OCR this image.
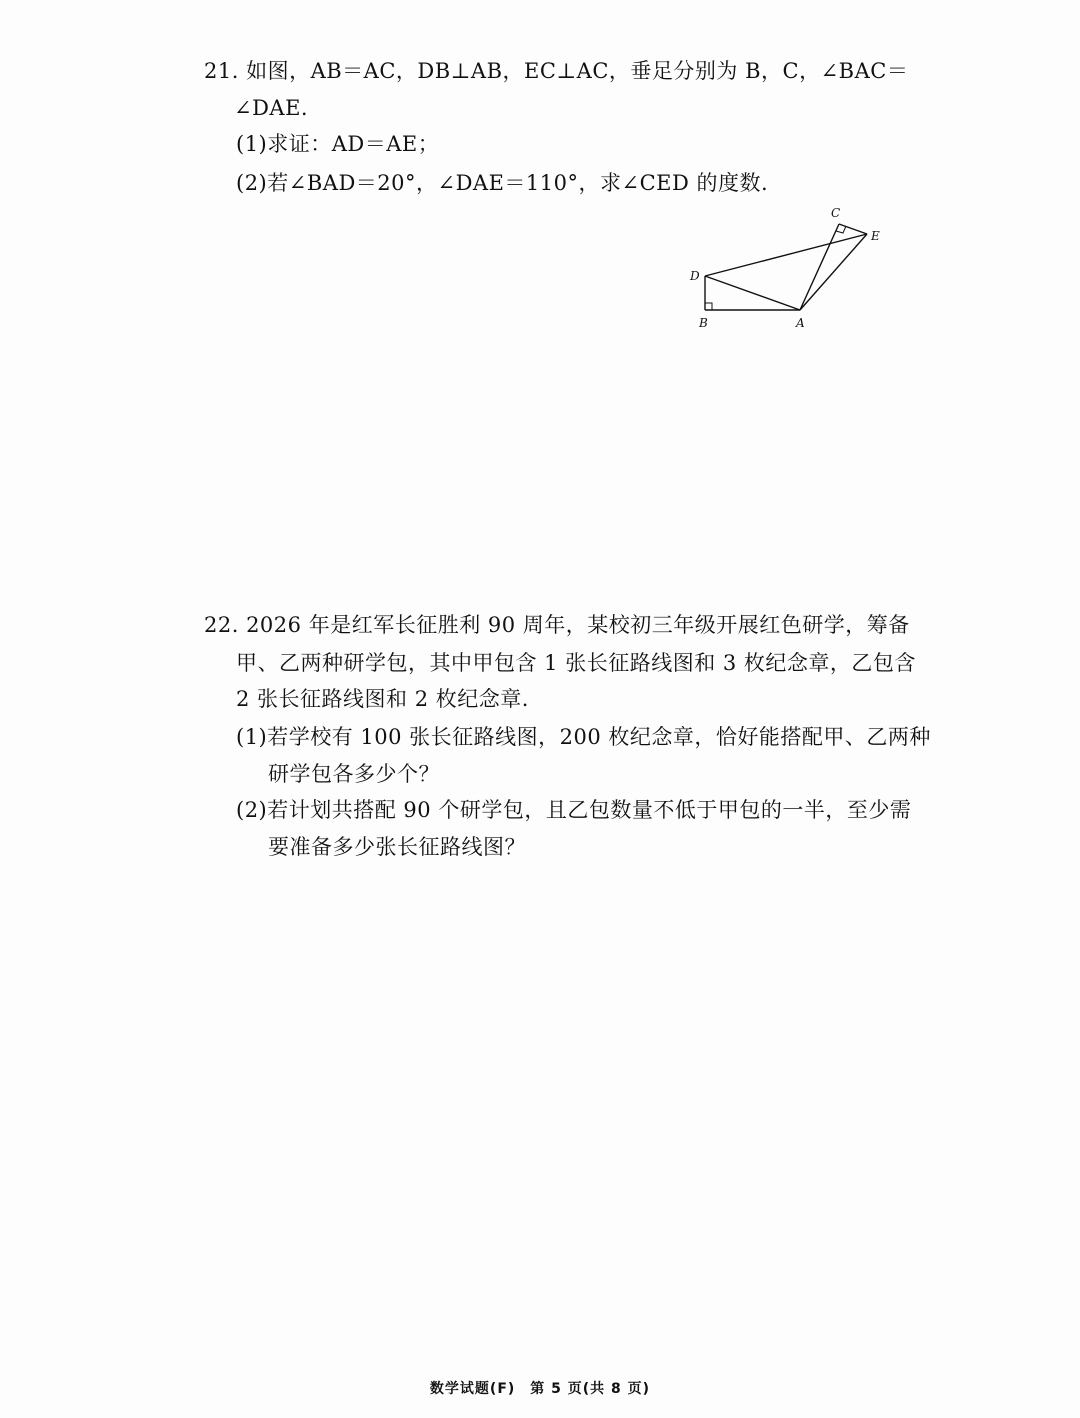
21. 如图，AB＝AC，DB⊥AB，EC⊥AC，垂足分别为 B，C，∠BAC＝
∠DAE.
(1)求证：AD＝AE；
(2)若∠BAD＝20°，∠DAE＝110°，求∠CED 的度数.
D
B	A
C
E
22. 2026 年是红军长征胜利 90 周年，某校初三年级开展红色研学，筹备
甲、乙两种研学包，其中甲包含 1 张长征路线图和 3 枚纪念章，乙包含
2 张长征路线图和 2 枚纪念章.
(1)若学校有 100 张长征路线图，200 枚纪念章，恰好能搭配甲、乙两种
研学包各多少个？
(2)若计划共搭配 90 个研学包，且乙包数量不低于甲包的一半，至少需
要准备多少张长征路线图？
数学试题(F)　第 5 页(共 8 页)
